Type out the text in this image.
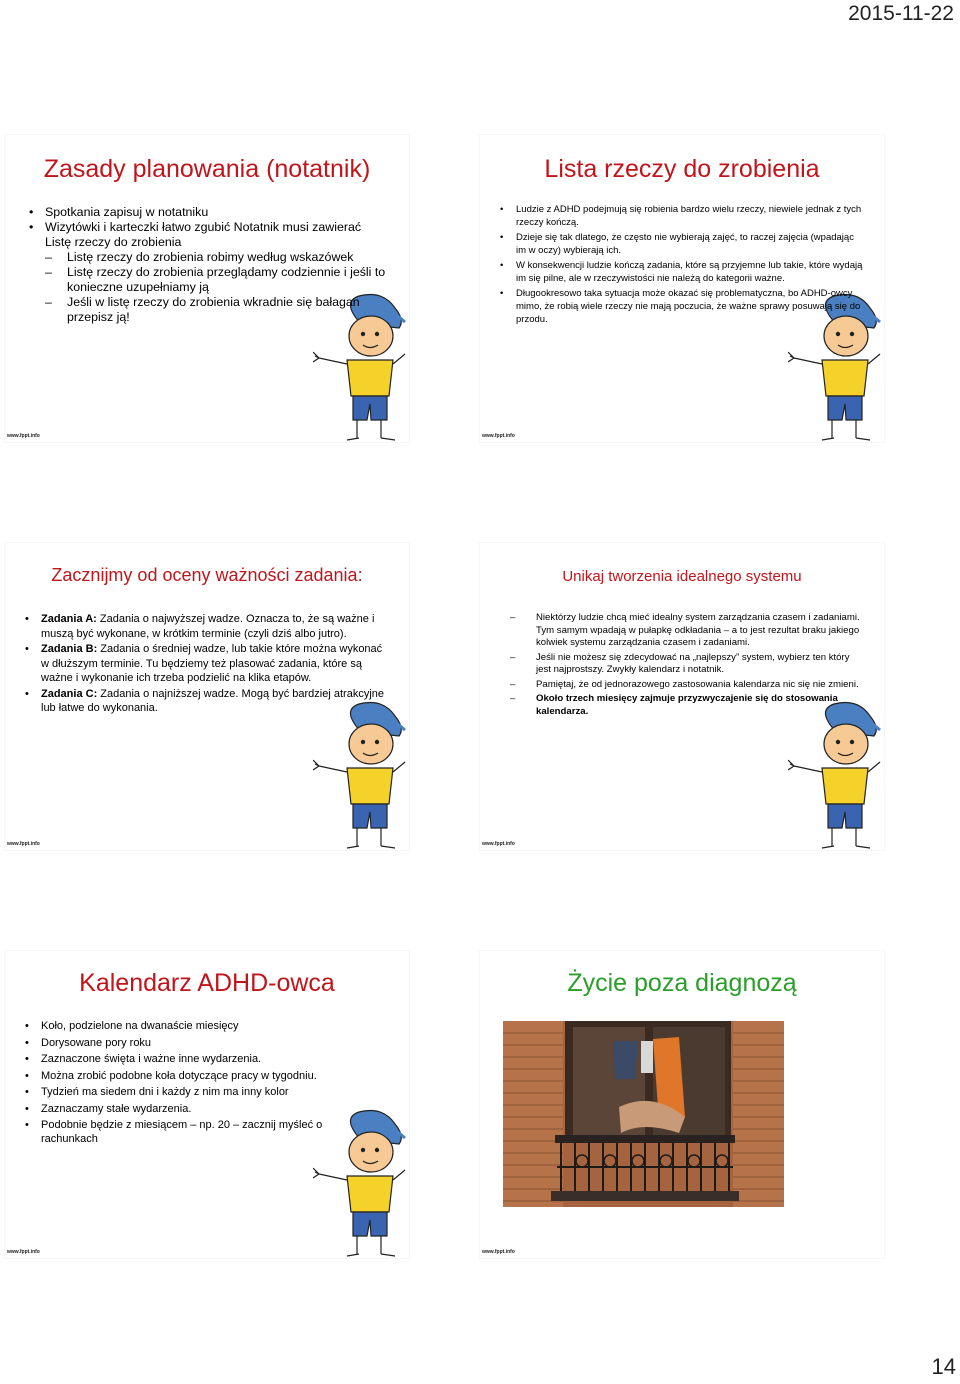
2015-11-22
Zasady planowania (notatnik)
• Spotkania zapisuj w notatniku
• Wizytówki i karteczki łatwo zgubić Notatnik musi zawierać Listę rzeczy do zrobienia
– Listę rzeczy do zrobienia robimy według wskazówek
– Listę rzeczy do zrobienia przeglądamy codziennie i jeśli to konieczne uzupełniamy ją
– Jeśli w listę rzeczy do zrobienia wkradnie się bałagan przepisz ją!
www.fppt.info
Lista rzeczy do zrobienia
• Ludzie z ADHD podejmują się robienia bardzo wielu rzeczy, niewiele jednak z tych rzeczy kończą.
• Dzieje się tak dlatego, że często nie wybierają zajęć, to raczej zajęcia (wpadając im w oczy) wybierają ich.
• W konsekwencji ludzie kończą zadania, które są przyjemne lub takie, które wydają im się pilne, ale w rzeczywistości nie należą do kategorii ważne.
• Długookresowo taka sytuacja może okazać się problematyczna, bo ADHD-owcy mimo, że robią wiele rzeczy nie mają poczucia, że ważne sprawy posuwają się do przodu.
www.fppt.info
Zacznijmy od oceny ważności zadania:
• Zadania A: Zadania o najwyższej wadze. Oznacza to, że są ważne i muszą być wykonane, w krótkim terminie (czyli dziś albo jutro).
• Zadania B: Zadania o średniej wadze, lub takie które można wykonać w dłuższym terminie. Tu będziemy też plasować zadania, które są ważne i wykonanie ich trzeba podzielić na klika etapów.
• Zadania C: Zadania o najniższej wadze. Mogą być bardziej atrakcyjne lub łatwe do wykonania.
www.fppt.info
Unikaj tworzenia idealnego systemu
– Niektórzy ludzie chcą mieć idealny system zarządzania czasem i zadaniami. Tym samym wpadają w pułapkę odkładania – a to jest rezultat braku jakiego kolwiek systemu zarządzania czasem i zadaniami.
– Jeśli nie możesz się zdecydować na „najlepszy” system, wybierz ten który jest najprostszy. Zwykły kalendarz i notatnik.
– Pamiętaj, że od jednorazowego zastosowania kalendarza nic się nie zmieni.
– Około trzech miesięcy zajmuje przyzwyczajenie się do stosowania kalendarza.
www.fppt.info
Kalendarz ADHD-owca
• Koło, podzielone na dwanaście miesięcy
• Dorysowane pory roku
• Zaznaczone święta i ważne inne wydarzenia.
• Można zrobić podobne koła dotyczące pracy w tygodniu.
• Tydzień ma siedem dni i każdy z nim ma inny kolor
• Zaznaczamy stałe wydarzenia.
• Podobnie będzie z miesiącem – np. 20 – zacznij myśleć o rachunkach
www.fppt.info
Życie poza diagnozą
www.fppt.info
14
